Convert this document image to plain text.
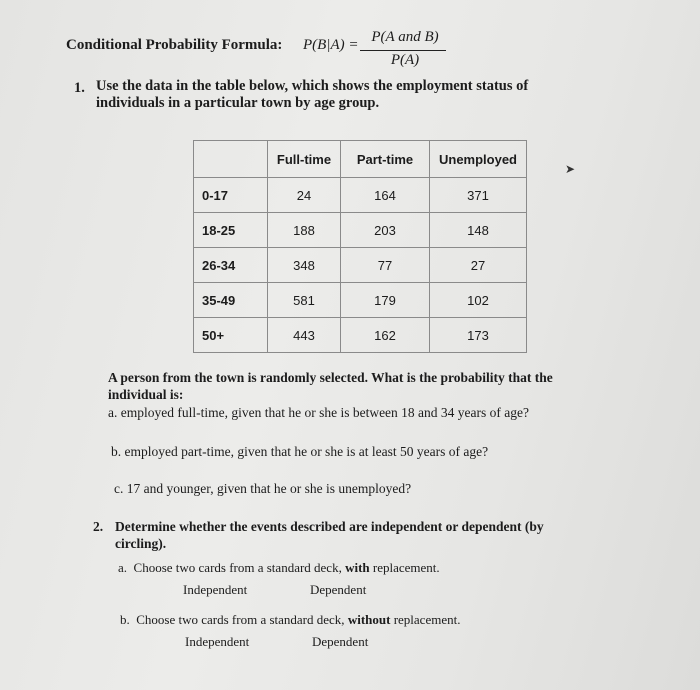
Conditional Probability Formula: P(B|A) = P(A and B)
P(A)
1. Use the data in the table below, which shows the employment status of individuals in a particular town by age group.
	Full-time	Part-time	Unemployed
0-17	24	164	371
18-25	188	203	148
26-34	348	77	27
35-49	581	179	102
50+	443	162	173
➤
A person from the town is randomly selected. What is the probability that the individual is:
a. employed full-time, given that he or she is between 18 and 34 years of age?
b. employed part-time, given that he or she is at least 50 years of age?
c. 17 and younger, given that he or she is unemployed?
2. Determine whether the events described are independent or dependent (by circling).
a. Choose two cards from a standard deck, with replacement.
Independent	Dependent
b. Choose two cards from a standard deck, without replacement.
Independent	Dependent
